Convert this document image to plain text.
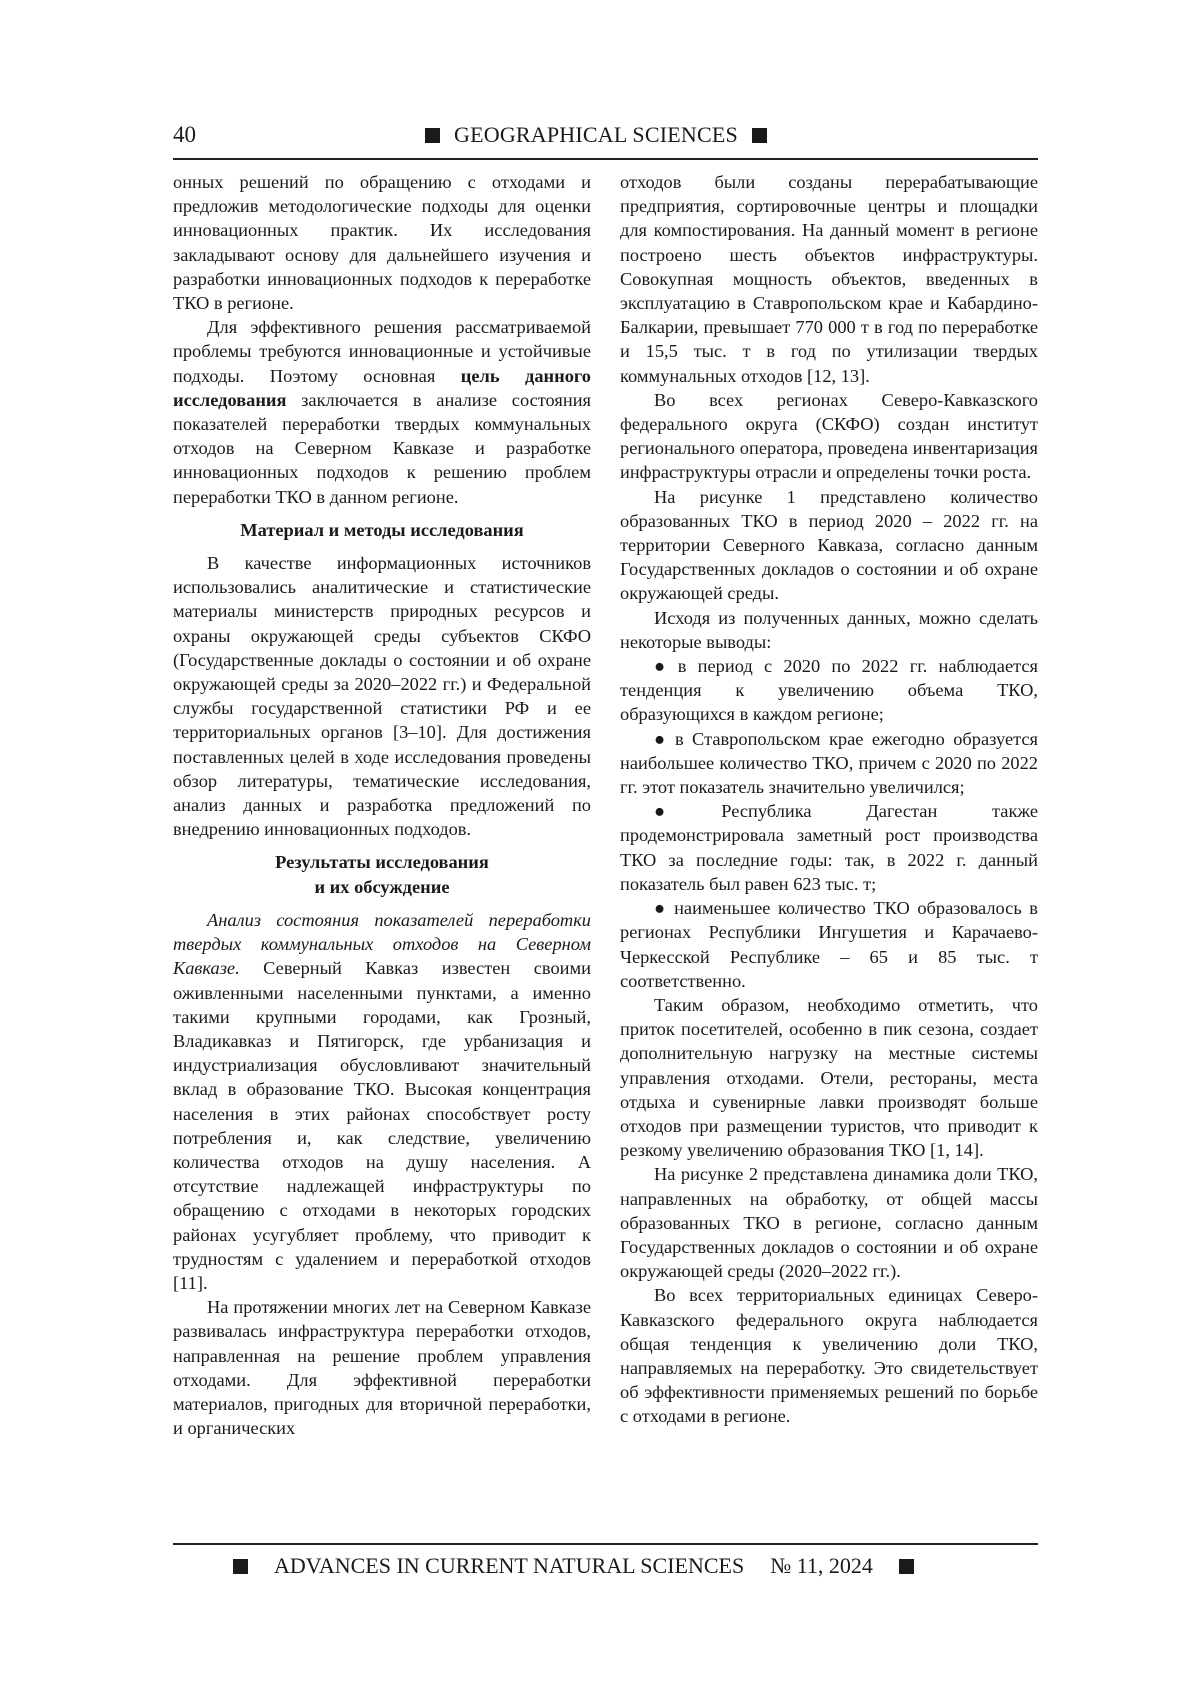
40	GEOGRAPHICAL SCIENCES

онных решений по обращению с отходами и предложив методологические подходы для оценки инновационных практик. Их исследования закладывают основу для дальнейшего изучения и разработки инновационных подходов к переработке ТКО в регионе.

Для эффективного решения рассматриваемой проблемы требуются инновационные и устойчивые подходы. Поэтому основная цель данного исследования заключается в анализе состояния показателей переработки твердых коммунальных отходов на Северном Кавказе и разработке инновационных подходов к решению проблем переработки ТКО в данном регионе.

Материал и методы исследования

В качестве информационных источников использовались аналитические и статистические материалы министерств природных ресурсов и охраны окружающей среды субъектов СКФО (Государственные доклады о состоянии и об охране окружающей среды за 2020–2022 гг.) и Федеральной службы государственной статистики РФ и ее территориальных органов [3–10]. Для достижения поставленных целей в ходе исследования проведены обзор литературы, тематические исследования, анализ данных и разработка предложений по внедрению инновационных подходов.

Результаты исследования
и их обсуждение

Анализ состояния показателей переработки твердых коммунальных отходов на Северном Кавказе. Северный Кавказ известен своими оживленными населенными пунктами, а именно такими крупными городами, как Грозный, Владикавказ и Пятигорск, где урбанизация и индустриализация обусловливают значительный вклад в образование ТКО. Высокая концентрация населения в этих районах способствует росту потребления и, как следствие, увеличению количества отходов на душу населения. А отсутствие надлежащей инфраструктуры по обращению с отходами в некоторых городских районах усугубляет проблему, что приводит к трудностям с удалением и переработкой отходов [11].

На протяжении многих лет на Северном Кавказе развивалась инфраструктура переработки отходов, направленная на решение проблем управления отходами. Для эффективной переработки материалов, пригодных для вторичной переработки, и органических

отходов были созданы перерабатывающие предприятия, сортировочные центры и площадки для компостирования. На данный момент в регионе построено шесть объектов инфраструктуры. Совокупная мощность объектов, введенных в эксплуатацию в Ставропольском крае и Кабардино-Балкарии, превышает 770 000 т в год по переработке и 15,5 тыс. т в год по утилизации твердых коммунальных отходов [12, 13].

Во всех регионах Северо-Кавказского федерального округа (СКФО) создан институт регионального оператора, проведена инвентаризация инфраструктуры отрасли и определены точки роста.

На рисунке 1 представлено количество образованных ТКО в период 2020 – 2022 гг. на территории Северного Кавказа, согласно данным Государственных докладов о состоянии и об охране окружающей среды.

Исходя из полученных данных, можно сделать некоторые выводы:

● в период с 2020 по 2022 гг. наблюдается тенденция к увеличению объема ТКО, образующихся в каждом регионе;

● в Ставропольском крае ежегодно образуется наибольшее количество ТКО, причем с 2020 по 2022 гг. этот показатель значительно увеличился;

● Республика Дагестан также продемонстрировала заметный рост производства ТКО за последние годы: так, в 2022 г. данный показатель был равен 623 тыс. т;

● наименьшее количество ТКО образовалось в регионах Республики Ингушетия и Карачаево-Черкесской Республике – 65 и 85 тыс. т соответственно.

Таким образом, необходимо отметить, что приток посетителей, особенно в пик сезона, создает дополнительную нагрузку на местные системы управления отходами. Отели, рестораны, места отдыха и сувенирные лавки производят больше отходов при размещении туристов, что приводит к резкому увеличению образования ТКО [1, 14].

На рисунке 2 представлена динамика доли ТКО, направленных на обработку, от общей массы образованных ТКО в регионе, согласно данным Государственных докладов о состоянии и об охране окружающей среды (2020–2022 гг.).

Во всех территориальных единицах Северо-Кавказского федерального округа наблюдается общая тенденция к увеличению доли ТКО, направляемых на переработку. Это свидетельствует об эффективности применяемых решений по борьбе с отходами в регионе.

ADVANCES IN CURRENT NATURAL SCIENCES № 11, 2024
